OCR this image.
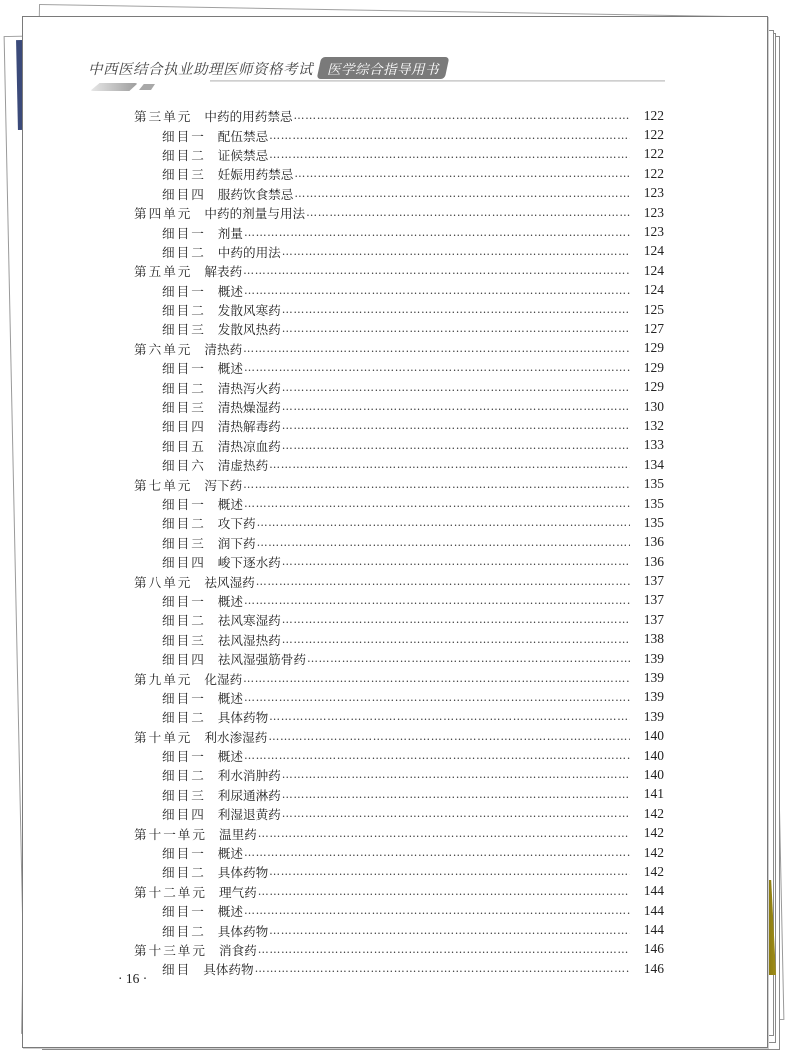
中西医结合执业助理医师资格考试	医学综合指导用书
第三单元 中药的用药禁忌 ……………………………………………………………………………………………………………………………………………………………………	122
细目一 配伍禁忌 ……………………………………………………………………………………………………………………………………………………………………	122
细目二 证候禁忌 ……………………………………………………………………………………………………………………………………………………………………	122
细目三 妊娠用药禁忌 ……………………………………………………………………………………………………………………………………………………………………	122
细目四 服药饮食禁忌 ……………………………………………………………………………………………………………………………………………………………………	123
第四单元 中药的剂量与用法 ……………………………………………………………………………………………………………………………………………………………………	123
细目一 剂量 ……………………………………………………………………………………………………………………………………………………………………	123
细目二 中药的用法 ……………………………………………………………………………………………………………………………………………………………………	124
第五单元 解表药 ……………………………………………………………………………………………………………………………………………………………………	124
细目一 概述 ……………………………………………………………………………………………………………………………………………………………………	124
细目二 发散风寒药 ……………………………………………………………………………………………………………………………………………………………………	125
细目三 发散风热药 ……………………………………………………………………………………………………………………………………………………………………	127
第六单元 清热药 ……………………………………………………………………………………………………………………………………………………………………	129
细目一 概述 ……………………………………………………………………………………………………………………………………………………………………	129
细目二 清热泻火药 ……………………………………………………………………………………………………………………………………………………………………	129
细目三 清热燥湿药 ……………………………………………………………………………………………………………………………………………………………………	130
细目四 清热解毒药 ……………………………………………………………………………………………………………………………………………………………………	132
细目五 清热凉血药 ……………………………………………………………………………………………………………………………………………………………………	133
细目六 清虚热药 ……………………………………………………………………………………………………………………………………………………………………	134
第七单元 泻下药 ……………………………………………………………………………………………………………………………………………………………………	135
细目一 概述 ……………………………………………………………………………………………………………………………………………………………………	135
细目二 攻下药 ……………………………………………………………………………………………………………………………………………………………………	135
细目三 润下药 ……………………………………………………………………………………………………………………………………………………………………	136
细目四 峻下逐水药 ……………………………………………………………………………………………………………………………………………………………………	136
第八单元 祛风湿药 ……………………………………………………………………………………………………………………………………………………………………	137
细目一 概述 ……………………………………………………………………………………………………………………………………………………………………	137
细目二 祛风寒湿药 ……………………………………………………………………………………………………………………………………………………………………	137
细目三 祛风湿热药 ……………………………………………………………………………………………………………………………………………………………………	138
细目四 祛风湿强筋骨药 ……………………………………………………………………………………………………………………………………………………………………	139
第九单元 化湿药 ……………………………………………………………………………………………………………………………………………………………………	139
细目一 概述 ……………………………………………………………………………………………………………………………………………………………………	139
细目二 具体药物 ……………………………………………………………………………………………………………………………………………………………………	139
第十单元 利水渗湿药 ……………………………………………………………………………………………………………………………………………………………………	140
细目一 概述 ……………………………………………………………………………………………………………………………………………………………………	140
细目二 利水消肿药 ……………………………………………………………………………………………………………………………………………………………………	140
细目三 利尿通淋药 ……………………………………………………………………………………………………………………………………………………………………	141
细目四 利湿退黄药 ……………………………………………………………………………………………………………………………………………………………………	142
第十一单元 温里药 ……………………………………………………………………………………………………………………………………………………………………	142
细目一 概述 ……………………………………………………………………………………………………………………………………………………………………	142
细目二 具体药物 ……………………………………………………………………………………………………………………………………………………………………	142
第十二单元 理气药 ……………………………………………………………………………………………………………………………………………………………………	144
细目一 概述 ……………………………………………………………………………………………………………………………………………………………………	144
细目二 具体药物 ……………………………………………………………………………………………………………………………………………………………………	144
第十三单元 消食药 ……………………………………………………………………………………………………………………………………………………………………	146
细目 具体药物 ……………………………………………………………………………………………………………………………………………………………………	146
· 16 ·
